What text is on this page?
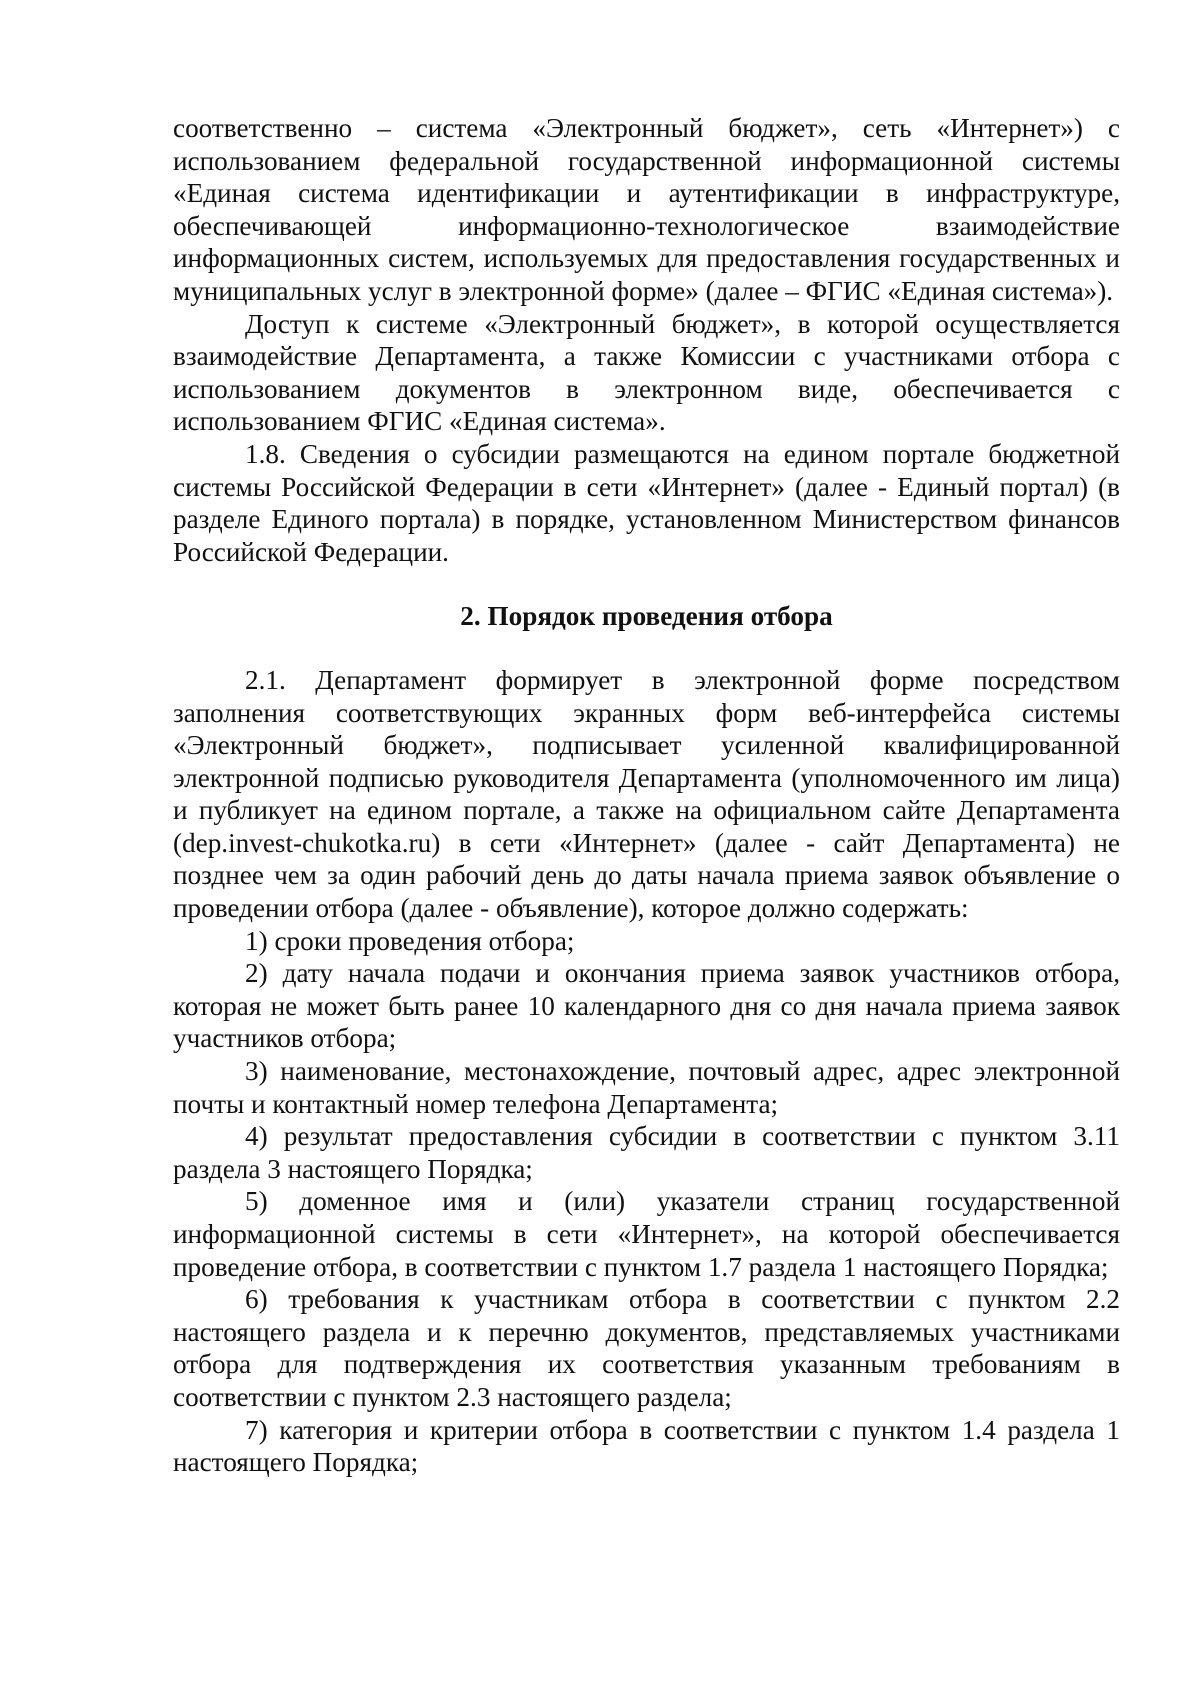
соответственно – система «Электронный бюджет», сеть «Интернет») с использованием федеральной государственной информационной системы «Единая система идентификации и аутентификации в инфраструктуре, обеспечивающей информационно-технологическое взаимодействие информационных систем, используемых для предоставления государственных и муниципальных услуг в электронной форме» (далее – ФГИС «Единая система»).

Доступ к системе «Электронный бюджет», в которой осуществляется взаимодействие Департамента, а также Комиссии с участниками отбора с использованием документов в электронном виде, обеспечивается с использованием ФГИС «Единая система».

1.8. Сведения о субсидии размещаются на едином портале бюджетной системы Российской Федерации в сети «Интернет» (далее - Единый портал) (в разделе Единого портала) в порядке, установленном Министерством финансов Российской Федерации.

2. Порядок проведения отбора

2.1. Департамент формирует в электронной форме посредством заполнения соответствующих экранных форм веб-интерфейса системы «Электронный бюджет», подписывает усиленной квалифицированной электронной подписью руководителя Департамента (уполномоченного им лица) и публикует на едином портале, а также на официальном сайте Департамента (dep.invest-chukotka.ru) в сети «Интернет» (далее - сайт Департамента) не позднее чем за один рабочий день до даты начала приема заявок объявление о проведении отбора (далее - объявление), которое должно содержать:

1) сроки проведения отбора;

2) дату начала подачи и окончания приема заявок участников отбора, которая не может быть ранее 10 календарного дня со дня начала приема заявок участников отбора;

3) наименование, местонахождение, почтовый адрес, адрес электронной почты и контактный номер телефона Департамента;

4) результат предоставления субсидии в соответствии с пунктом 3.11 раздела 3 настоящего Порядка;

5) доменное имя и (или) указатели страниц государственной информационной системы в сети «Интернет», на которой обеспечивается проведение отбора, в соответствии с пунктом 1.7 раздела 1 настоящего Порядка;

6) требования к участникам отбора в соответствии с пунктом 2.2 настоящего раздела и к перечню документов, представляемых участниками отбора для подтверждения их соответствия указанным требованиям в соответствии с пунктом 2.3 настоящего раздела;

7) категория и критерии отбора в соответствии с пунктом 1.4 раздела 1 настоящего Порядка;
